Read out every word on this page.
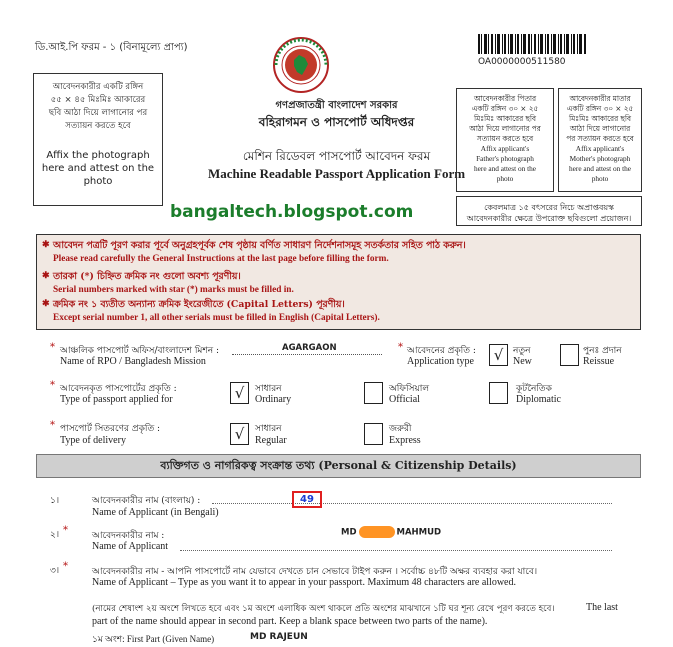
ডি.আই.পি ফরম - ১ (বিনামূল্যে প্রাপ্য)
OA0000000511580
গণপ্রজাতন্ত্রী বাংলাদেশ সরকার
বহিরাগমন ও পাসপোর্ট অধিদপ্তর
মেশিন রিডেবল পাসপোর্ট আবেদন ফরম
Machine Readable Passport Application Form
আবেদনকারীর একটি রঙ্গিন
৫৫ × ৪৫ মিঃমিঃ আকারের
ছবি আঠা দিয়ে লাগানোর পর
সত্যায়ন করতে হবে
Affix the photograph
here and attest on the
photo
আবেদনকারীর পিতার
একটি রঙ্গিন ৩০ × ২৫
মিঃমিঃ আকারের ছবি
আঠা দিয়ে লাগানোর পর
সত্যায়ন করতে হবে
Affix applicant's
Father's photograph
here and attest on the
photo
আবেদনকারীর মাতার
একটি রঙ্গিন ৩০ × ২৫
মিঃমিঃ আকারের ছবি
আঠা দিয়ে লাগানোর
পর সত্যায়ন করতে হবে
Affix applicant's
Mother's photograph
here and attest on the
photo
কেবলমাত্র ১৫ বৎসরের নিচে অপ্রাপ্তবয়স্ক
আবেদনকারীর ক্ষেত্রে উপরোক্ত ছবিগুলো প্রয়োজন।
bangaltech.blogspot.com
✱ আবেদন পত্রটি পূরণ করার পূর্বে অনুগ্রহপূর্বক শেষ পৃষ্ঠায় বর্ণিত সাধারণ নির্দেশনাসমূহ সতর্কতার সহিত পাঠ করুন।
Please read carefully the General Instructions at the last page before filling the form.
✱ তারকা (*) চিহ্নিত ক্রমিক নং গুলো অবশ্য পূরণীয়।
Serial numbers marked with star (*) marks must be filled in.
✱ ক্রমিক নং ১ ব্যতীত অন্যান্য ক্রমিক ইংরেজীতে (Capital Letters) পূরণীয়।
Except serial number 1, all other serials must be filled in English (Capital Letters).
* আঞ্চলিক পাসপোর্ট অফিস/বাংলাদেশ মিশন :
Name of RPO / Bangladesh Mission
AGARGAON	* আবেদনের প্রকৃতি :
Application type	√	নতুন
New
পুনঃ প্রদান
Reissue
* আবেদনকৃত পাসপোর্টের প্রকৃতি :
Type of passport applied for	√	সাধারন
Ordinary
অফিসিয়াল
Official
কূটনৈতিক
Diplomatic
* পাসপোর্ট সিতরণের প্রকৃতি :
Type of delivery	√	সাধারন
Regular
জরুরী
Express
ব্যক্তিগত ও নাগরিকত্ব সংক্রান্ত তথ্য (Personal & Citizenship Details)
১।	আবেদনকারীর নাম (বাংলায়) :
Name of Applicant (in Bengali)
49
২। *	আবেদনকারীর নাম :
Name of Applicant
MD	MAHMUD
৩। *	আবেদনকারীর নাম - আপনি পাসপোর্টে নাম যেভাবে দেখতে চান সেভাবে টাইপ করুন । সর্বোচ্চ ৪৮টি অক্ষর ব্যবহার করা যাবে।
Name of Applicant – Type as you want it to appear in your passport. Maximum 48 characters are allowed.
(নামের শেষাংশ ২য় অংশে লিখতে হবে এবং ১ম অংশে এলাধিক অংশ থাকলে প্রতি অংশের মাঝখানে ১টি ঘর শূন্য রেখে পূরণ করতে হবে।	The last
part of the name should appear in second part. Keep a blank space between two parts of the name).
১ম অংশ: First Part (Given Name)	MD RAJEUN
